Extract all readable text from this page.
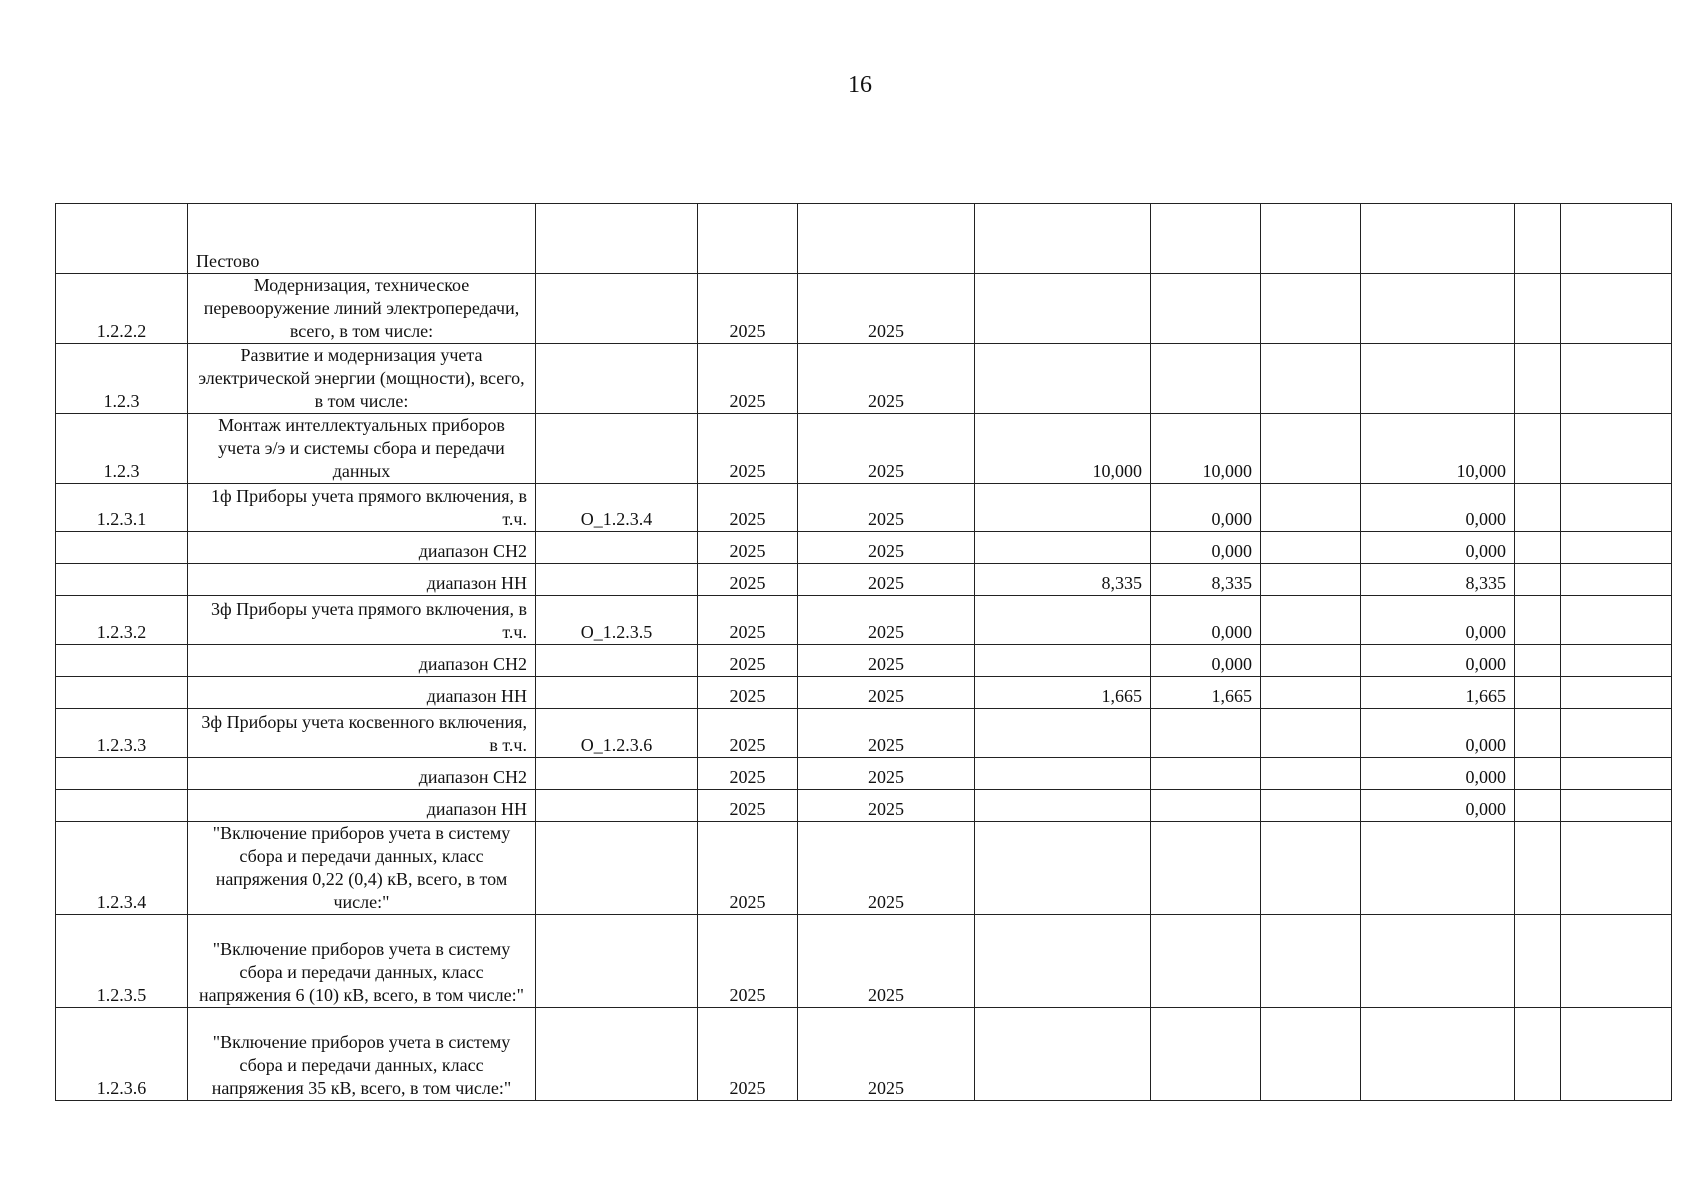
16
	Пестово									
1.2.2.2	Модернизация, техническое перевооружение линий электропередачи, всего, в том числе:		2025	2025						
1.2.3	Развитие и модернизация учета электрической энергии (мощности), всего, в том числе:		2025	2025						
1.2.3	Монтаж интеллектуальных приборов учета э/э и системы сбора и передачи данных		2025	2025	10,000	10,000		10,000		
1.2.3.1	1ф Приборы учета прямого включения, в т.ч.	О_1.2.3.4	2025	2025		0,000		0,000		
	диапазон СН2		2025	2025		0,000		0,000		
	диапазон НН		2025	2025	8,335	8,335		8,335		
1.2.3.2	3ф Приборы учета прямого включения, в т.ч.	О_1.2.3.5	2025	2025		0,000		0,000		
	диапазон СН2		2025	2025		0,000		0,000		
	диапазон НН		2025	2025	1,665	1,665		1,665		
1.2.3.3	3ф Приборы учета косвенного включения, в т.ч.	О_1.2.3.6	2025	2025				0,000		
	диапазон СН2		2025	2025				0,000		
	диапазон НН		2025	2025				0,000		
1.2.3.4	"Включение приборов учета в систему сбора и передачи данных, класс напряжения 0,22 (0,4) кВ, всего, в том числе:"		2025	2025						
1.2.3.5	"Включение приборов учета в систему сбора и передачи данных, класс напряжения 6 (10) кВ, всего, в том числе:"		2025	2025						
1.2.3.6	"Включение приборов учета в систему сбора и передачи данных, класс напряжения 35 кВ, всего, в том числе:"		2025	2025						
